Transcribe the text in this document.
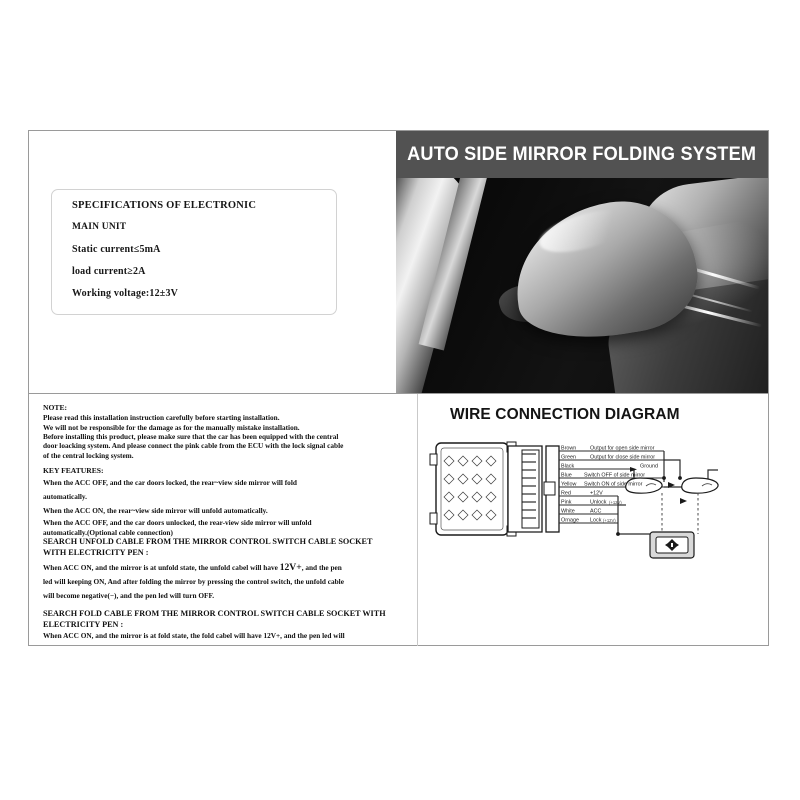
SPECIFICATIONS OF ELECTRONIC
MAIN UNIT
Static current≤5mA
load current≥2A
Working voltage:12±3V
AUTO SIDE MIRROR FOLDING SYSTEM

NOTE:

Please read this installation instruction carefully before starting installation.

We will not be responsible for the damage as for the manually mistake installation.

Before installing this product, please make sure that the car has been equipped with the central

door loacking system. And please connect the pink cable from the ECU with the lock signal cable

of the central locking system.

KEY FEATURES:

When the ACC OFF, and the car doors locked, the rear~view side mirror will fold

automatically.

When the ACC ON, the rear~view side mirror will unfold automatically.

When the ACC OFF, and the car doors unlocked, the rear-view side mirror will unfold

automatically.(Optional cable connection)

SEARCH UNFOLD CABLE FROM THE MIRROR CONTROL SWITCH CABLE SOCKET

WITH ELECTRICITY PEN :

When ACC ON, and the mirror is at unfold state, the unfold cabel will have 12V+, and the pen

led will keeping ON, And after folding the mirror by pressing the control switch, the unfold cable

will become negative(−), and the pen led will turn OFF.

SEARCH FOLD CABLE FROM THE MIRROR CONTROL SWITCH CABLE SOCKET WITH

ELECTRICITY PEN :

When ACC ON, and the mirror is at fold state, the fold cabel will have 12V+, and the pen led will

WIRE CONNECTION DIAGRAM
Brown
Green
Black
Blue
Yellow
Red
Pink
White
Ornage
Output for open side mirror
Output for close side mirror
Ground
Switch OFF of side mirror
Switch ON of side mirror
+12V
Unlock
ACC
Lock
(+12V)
(+12V)
